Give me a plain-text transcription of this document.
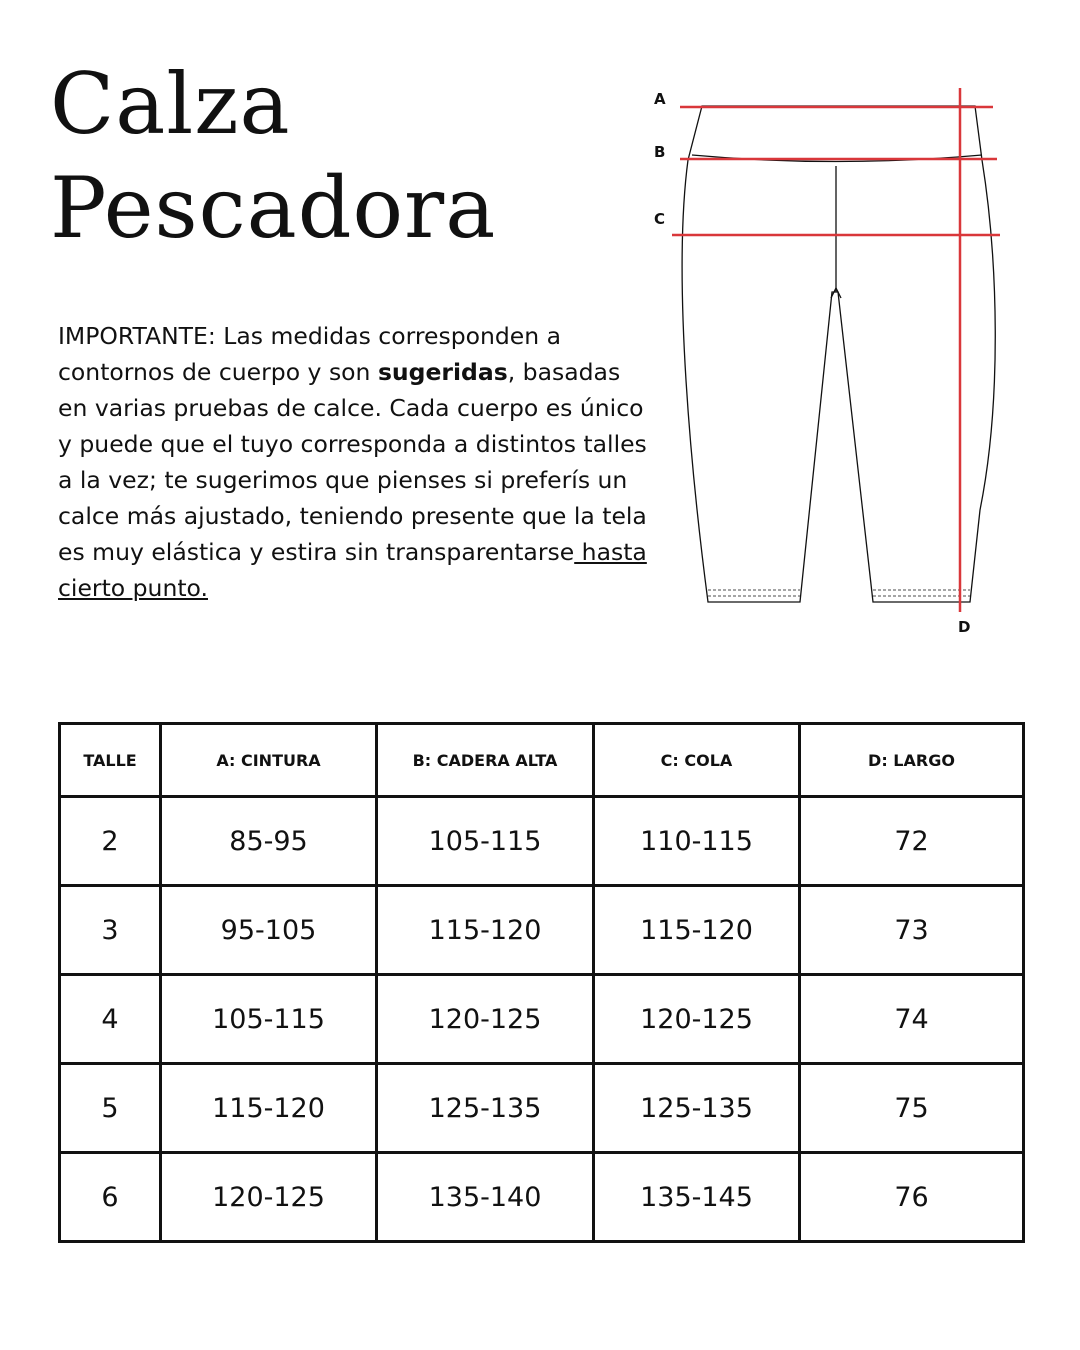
Calza
Pescadora

IMPORTANTE: Las medidas corresponden a contornos de cuerpo y son sugeridas, basadas en varias pruebas de calce. Cada cuerpo es único y puede que el tuyo corresponda a distintos talles a la vez; te sugerimos que pienses si preferís un calce más ajustado, teniendo presente que la tela es muy elástica y estira sin transparentarse hasta cierto punto.

A
B
C
D
TALLE	A: CINTURA	B: CADERA ALTA	C: COLA	D: LARGO
2	85-95	105-115	110-115	72
3	95-105	115-120	115-120	73
4	105-115	120-125	120-125	74
5	115-120	125-135	125-135	75
6	120-125	135-140	135-145	76
